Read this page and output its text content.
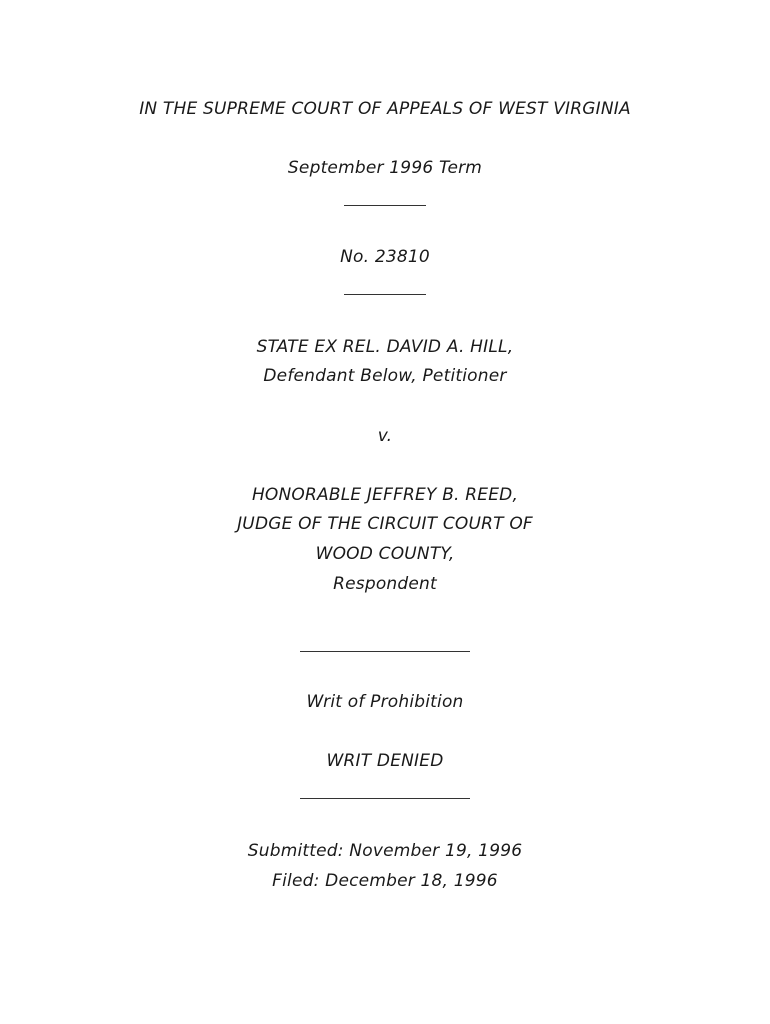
IN THE SUPREME COURT OF APPEALS OF WEST VIRGINIA
September 1996 Term
No. 23810
STATE EX REL. DAVID A. HILL,
Defendant Below, Petitioner
v.
HONORABLE JEFFREY B. REED,
JUDGE OF THE CIRCUIT COURT OF
WOOD COUNTY,
Respondent
Writ of Prohibition
WRIT DENIED
Submitted: November 19, 1996
Filed: December 18, 1996
